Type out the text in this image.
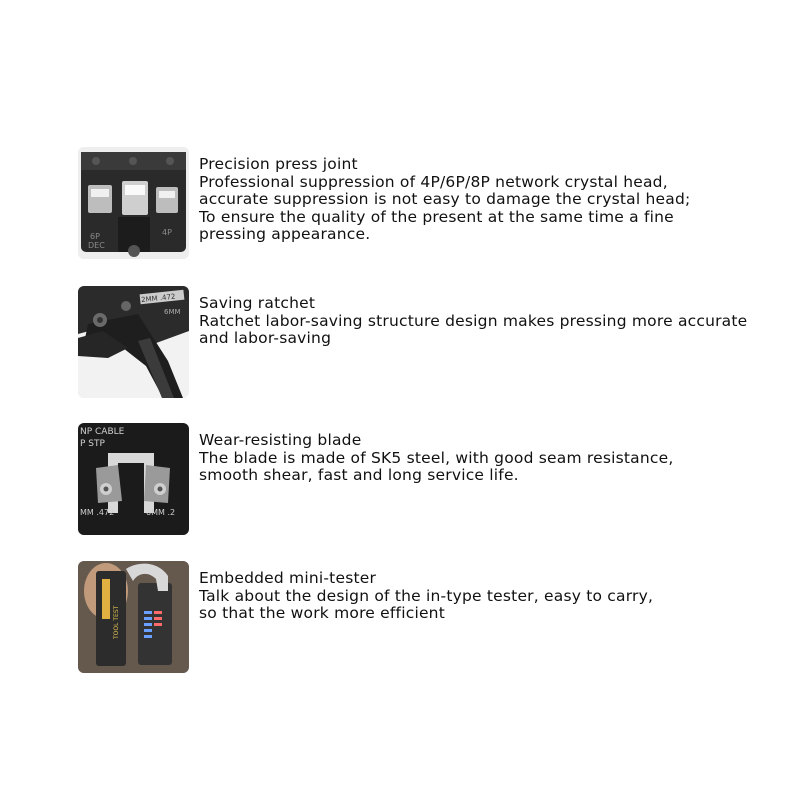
6P
DEC
4P
Precision press joint
Professional suppression of 4P/6P/8P network crystal head,
accurate suppression is not easy to damage the crystal head;
To ensure the quality of the present at the same time a fine
pressing appearance.
2MM .472
6MM Saving ratchet
Ratchet labor-saving structure design makes pressing more accurate
and labor-saving
NP CABLE
P STP
MM .472	6MM .2
Wear-resisting blade
The blade is made of SK5 steel, with good seam resistance,
smooth shear, fast and long service life.
TOOL TEST
Embedded mini-tester
Talk about the design of the in-type tester, easy to carry,
so that the work more efficient
